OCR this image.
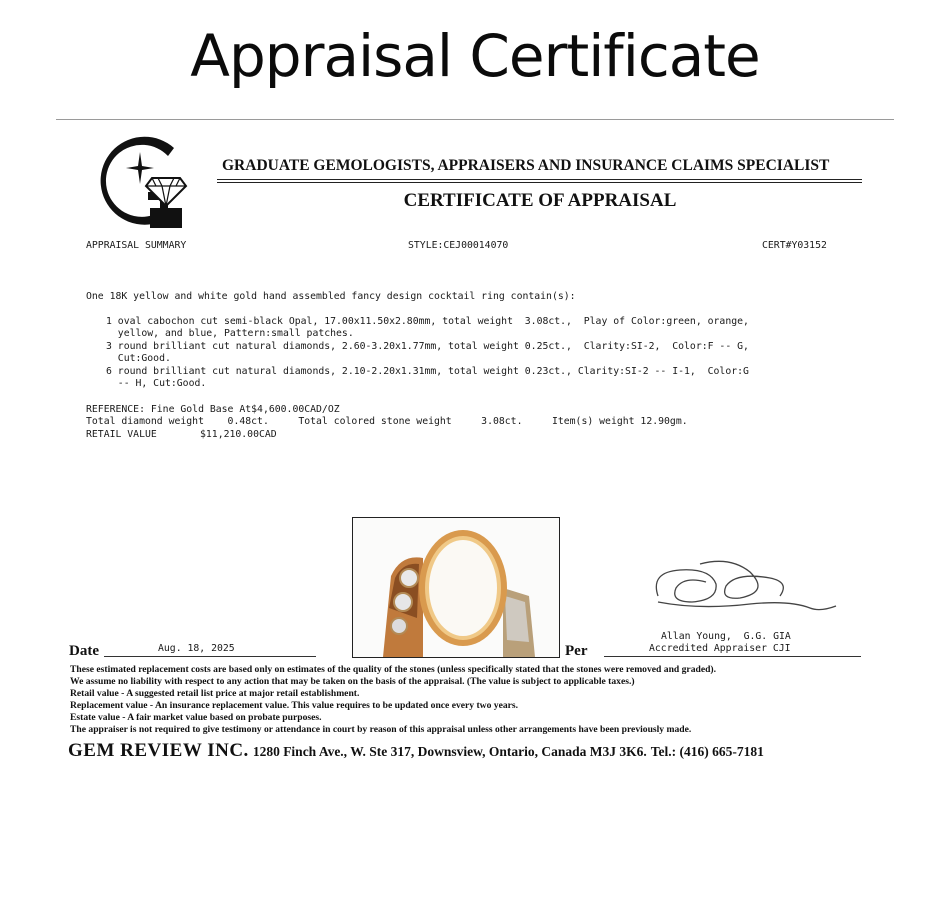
Appraisal Certificate
GRADUATE GEMOLOGISTS, APPRAISERS AND INSURANCE CLAIMS SPECIALIST
CERTIFICATE OF APPRAISAL
APPRAISAL SUMMARY	STYLE:CEJ00014070	CERT#Y03152
One 18K yellow and white gold hand assembled fancy design cocktail ring contain(s):
1 oval cabochon cut semi-black Opal, 17.00x11.50x2.80mm, total weight  3.08ct.,  Play of Color:green, orange,
yellow, and blue, Pattern:small patches.
3 round brilliant cut natural diamonds, 2.60-3.20x1.77mm, total weight 0.25ct.,  Clarity:SI-2,  Color:F -- G,
Cut:Good.
6 round brilliant cut natural diamonds, 2.10-2.20x1.31mm, total weight 0.23ct., Clarity:SI-2 -- I-1,  Color:G
-- H, Cut:Good.
REFERENCE: Fine Gold Base At$4,600.00CAD/OZ
Total diamond weight    0.48ct.     Total colored stone weight     3.08ct.     Item(s) weight 12.90gm.
RETAIL VALUE	$11,210.00CAD
Date	Aug. 18, 2025	Per
Allan Young,  G.G. GIA
Accredited Appraiser CJI
These estimated replacement costs are based only on estimates of the quality of the stones (unless specifically stated that the stones were removed and graded).
We assume no liability with respect to any action that may be taken on the basis of the appraisal. (The value is subject to applicable taxes.)
Retail value - A suggested retail list price at major retail establishment.
Replacement value - An insurance replacement value. This value requires to be updated once every two years.
Estate value - A fair market value based on probate purposes.
The appraiser is not required to give testimony or attendance in court by reason of this appraisal unless other arrangements have been previously made.
GEM REVIEW INC. 1280 Finch Ave., W. Ste 317, Downsview, Ontario, Canada M3J 3K6. Tel.: (416) 665-7181
